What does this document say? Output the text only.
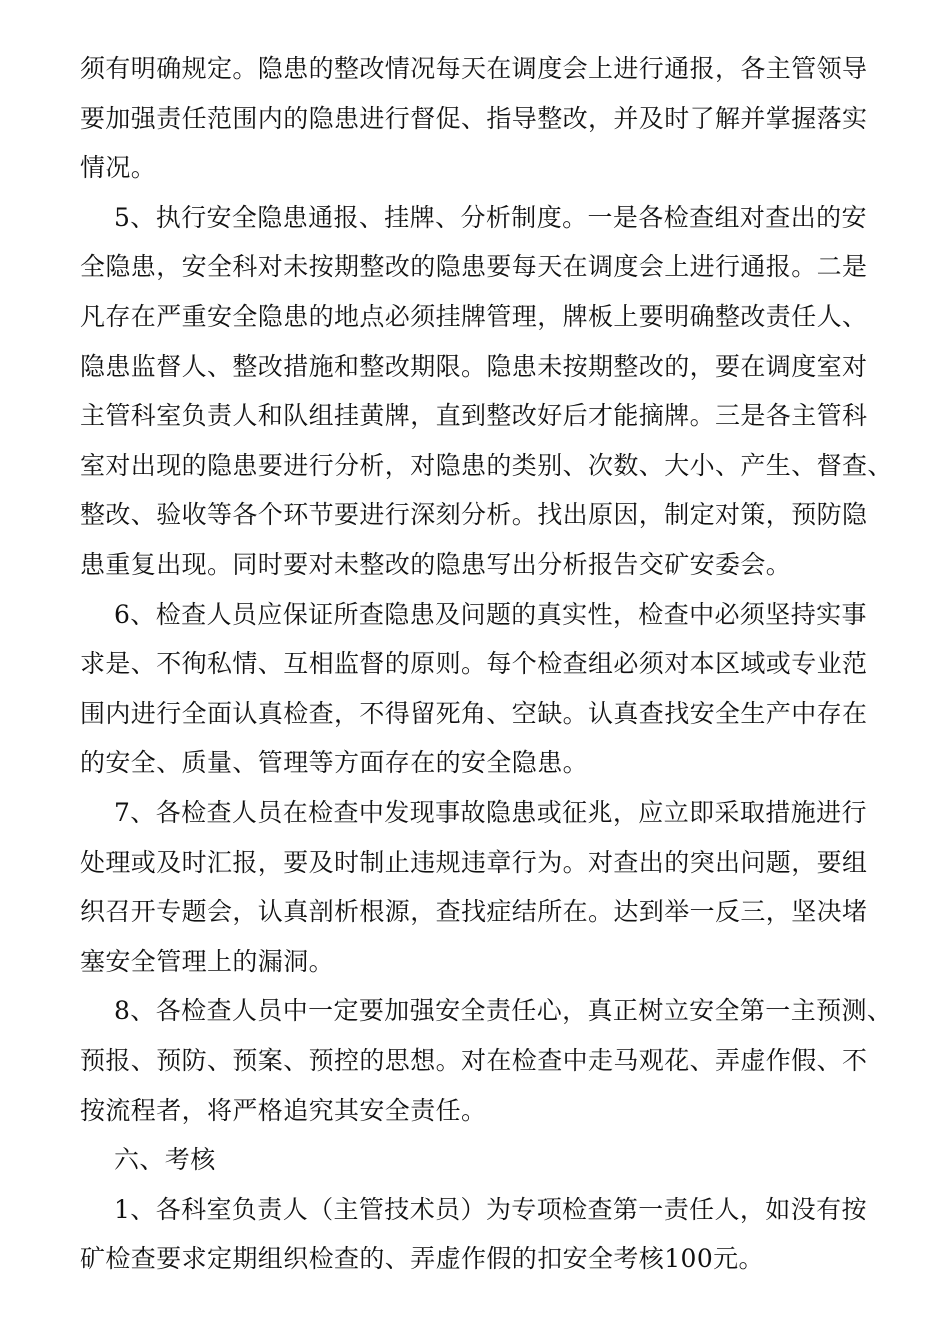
须有明确规定。隐患的整改情况每天在调度会上进行通报，各主管领导
要加强责任范围内的隐患进行督促、指导整改，并及时了解并掌握落实
情况。
5、执行安全隐患通报、挂牌、分析制度。一是各检查组对查出的安
全隐患，安全科对未按期整改的隐患要每天在调度会上进行通报。二是
凡存在严重安全隐患的地点必须挂牌管理，牌板上要明确整改责任人、
隐患监督人、整改措施和整改期限。隐患未按期整改的，要在调度室对
主管科室负责人和队组挂黄牌，直到整改好后才能摘牌。三是各主管科
室对出现的隐患要进行分析，对隐患的类别、次数、大小、产生、督查、
整改、验收等各个环节要进行深刻分析。找出原因，制定对策，预防隐
患重复出现。同时要对未整改的隐患写出分析报告交矿安委会。
6、检查人员应保证所查隐患及问题的真实性，检查中必须坚持实事
求是、不徇私情、互相监督的原则。每个检查组必须对本区域或专业范
围内进行全面认真检查，不得留死角、空缺。认真查找安全生产中存在
的安全、质量、管理等方面存在的安全隐患。
7、各检查人员在检查中发现事故隐患或征兆，应立即采取措施进行
处理或及时汇报，要及时制止违规违章行为。对查出的突出问题，要组
织召开专题会，认真剖析根源，查找症结所在。达到举一反三，坚决堵
塞安全管理上的漏洞。
8、各检查人员中一定要加强安全责任心，真正树立安全第一主预测、
预报、预防、预案、预控的思想。对在检查中走马观花、弄虚作假、不
按流程者，将严格追究其安全责任。
六、考核
1、各科室负责人（主管技术员）为专项检查第一责任人，如没有按
矿检查要求定期组织检查的、弄虚作假的扣安全考核100元。
